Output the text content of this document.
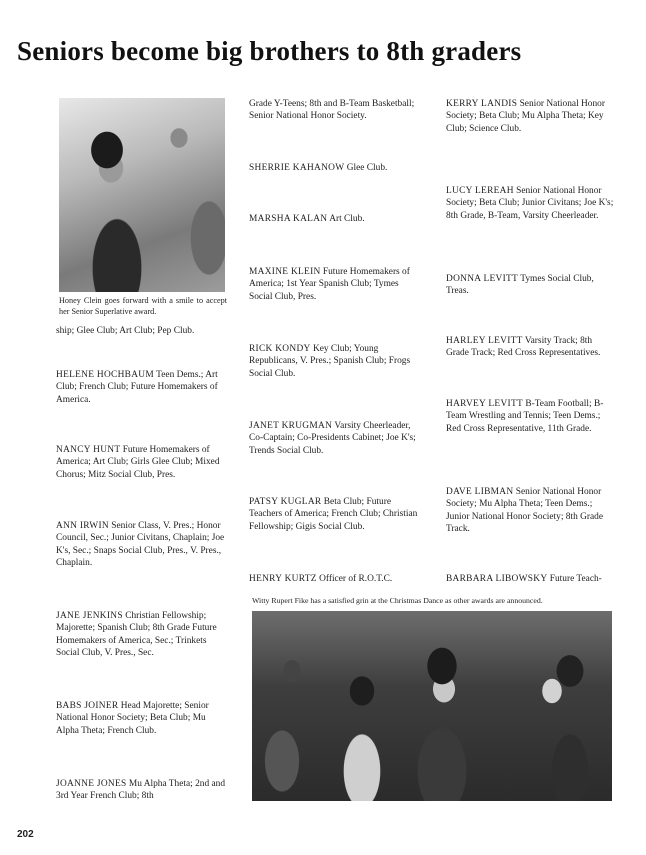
Seniors become big brothers to 8th graders
Honey Clein goes forward with a smile to accept her Senior Superlative award.
ship; Glee Club; Art Club; Pep Club.
HELENE HOCHBAUM Teen Dems.; Art Club; French Club; Future Homemakers of America.
NANCY HUNT Future Homemakers of America; Art Club; Girls Glee Club; Mixed Chorus; Mitz Social Club, Pres.
ANN IRWIN Senior Class, V. Pres.; Honor Council, Sec.; Junior Civitans, Chaplain; Joe K's, Sec.; Snaps Social Club, Pres., V. Pres., Chaplain.
JANE JENKINS Christian Fellowship; Majorette; Spanish Club; 8th Grade Future Homemakers of America, Sec.; Trinkets Social Club, V. Pres., Sec.
BABS JOINER Head Majorette; Senior National Honor Society; Beta Club; Mu Alpha Theta; French Club.
JOANNE JONES Mu Alpha Theta; 2nd and 3rd Year French Club; 8th
Grade Y-Teens; 8th and B-Team Basketball; Senior National Honor Society.
SHERRIE KAHANOW Glee Club.
MARSHA KALAN Art Club.
MAXINE KLEIN Future Homemakers of America; 1st Year Spanish Club; Tymes Social Club, Pres.
RICK KONDY Key Club; Young Republicans, V. Pres.; Spanish Club; Frogs Social Club.
JANET KRUGMAN Varsity Cheerleader, Co-Captain; Co-Presidents Cabinet; Joe K's; Trends Social Club.
PATSY KUGLAR Beta Club; Future Teachers of America; French Club; Christian Fellowship; Gigis Social Club.
HENRY KURTZ Officer of R.O.T.C.
KERRY LANDIS Senior National Honor Society; Beta Club; Mu Alpha Theta; Key Club; Science Club.
LUCY LEREAH Senior National Honor Society; Beta Club; Junior Civitans; Joe K's; 8th Grade, B-Team, Varsity Cheerleader.
DONNA LEVITT Tymes Social Club, Treas.
HARLEY LEVITT Varsity Track; 8th Grade Track; Red Cross Representatives.
HARVEY LEVITT B-Team Football; B-Team Wrestling and Tennis; Teen Dems.; Red Cross Representative, 11th Grade.
DAVE LIBMAN Senior National Honor Society; Mu Alpha Theta; Teen Dems.; Junior National Honor Society; 8th Grade Track.
BARBARA LIBOWSKY Future Teach-
Witty Rupert Fike has a satisfied grin at the Christmas Dance as other awards are announced.
202
